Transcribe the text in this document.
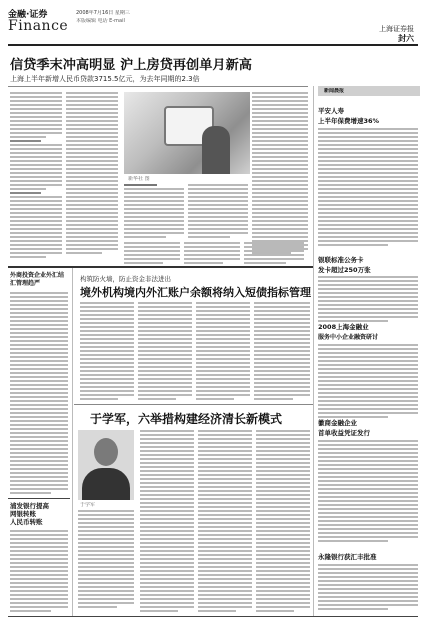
金融·证券
Finance
2008年7月16日 星期三
本版编辑 电话 E-mail
上海证券报
封六
信贷季末冲高明显 沪上房贷再创单月新高
上海上半年新增人民币贷款3715.5亿元，为去年同期的2.3倍
新华社 图
新闻晨报
平安人寿
上半年保费增速36%
银联标准公务卡
发卡超过250万张
2008上海金融业
服务中小企业融资研讨
徽商金融企业
首单收益凭证发行
永隆银行获汇丰批准
外商投资企业外汇结汇管理趋严
浦发银行提高
网银转账
人民币转账
构筑防火墙，防止资金非法进出
境外机构境内外汇账户余额将纳入短债指标管理
于学军，六举措构建经济清长新模式
于学军
